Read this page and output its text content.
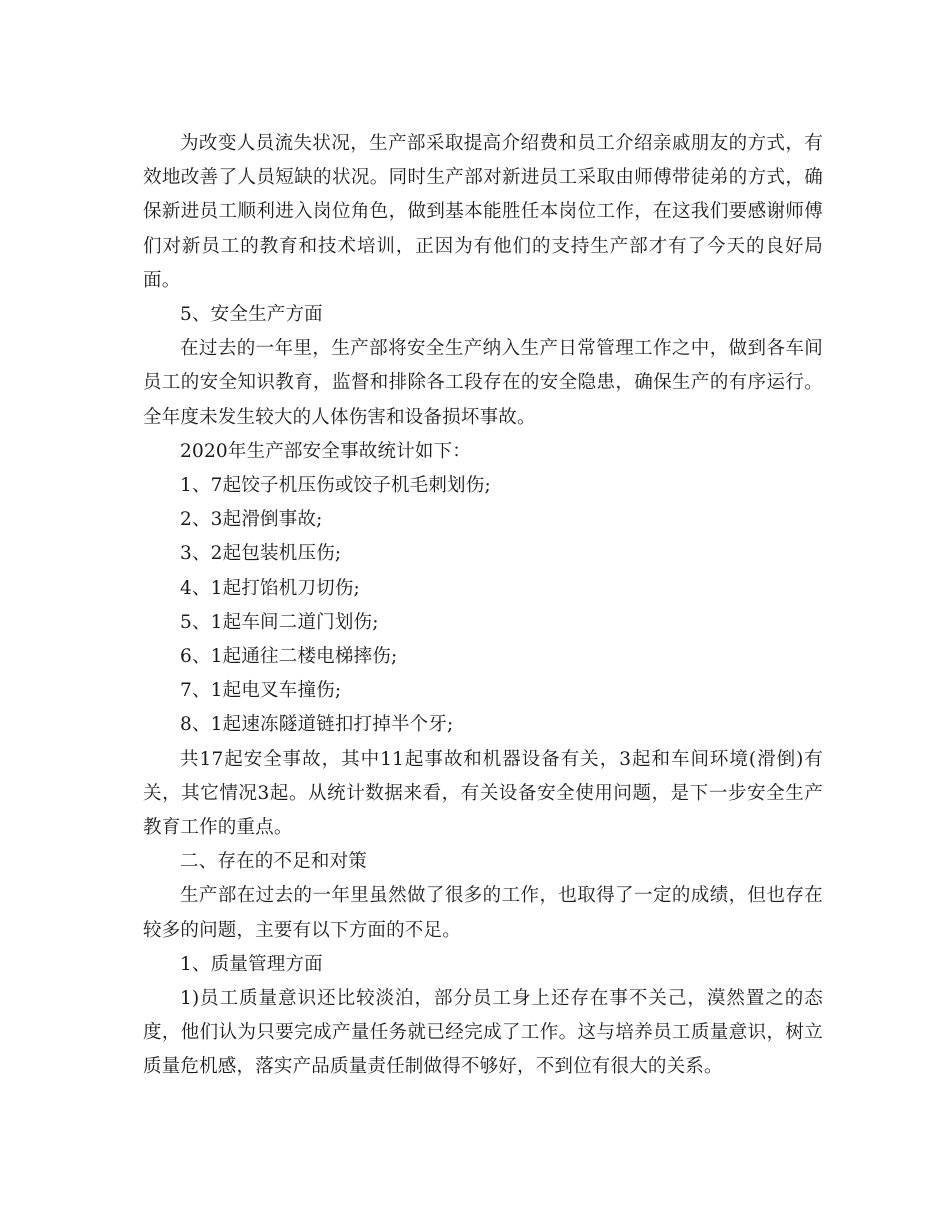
为改变人员流失状况，生产部采取提高介绍费和员工介绍亲戚朋友的方式，有效地改善了人员短缺的状况。同时生产部对新进员工采取由师傅带徒弟的方式，确保新进员工顺利进入岗位角色，做到基本能胜任本岗位工作，在这我们要感谢师傅们对新员工的教育和技术培训，正因为有他们的支持生产部才有了今天的良好局面。

5、安全生产方面

在过去的一年里，生产部将安全生产纳入生产日常管理工作之中，做到各车间员工的安全知识教育，监督和排除各工段存在的安全隐患，确保生产的有序运行。全年度未发生较大的人体伤害和设备损坏事故。

2020年生产部安全事故统计如下：

1、7起饺子机压伤或饺子机毛刺划伤;

2、3起滑倒事故;

3、2起包装机压伤;

4、1起打馅机刀切伤;

5、1起车间二道门划伤;

6、1起通往二楼电梯摔伤;

7、1起电叉车撞伤;

8、1起速冻隧道链扣打掉半个牙;

共17起安全事故，其中11起事故和机器设备有关，3起和车间环境(滑倒)有关，其它情况3起。从统计数据来看，有关设备安全使用问题，是下一步安全生产教育工作的重点。

二、存在的不足和对策

生产部在过去的一年里虽然做了很多的工作，也取得了一定的成绩，但也存在较多的问题，主要有以下方面的不足。

1、质量管理方面

1)员工质量意识还比较淡泊，部分员工身上还存在事不关己，漠然置之的态度，他们认为只要完成产量任务就已经完成了工作。这与培养员工质量意识，树立质量危机感，落实产品质量责任制做得不够好，不到位有很大的关系。
